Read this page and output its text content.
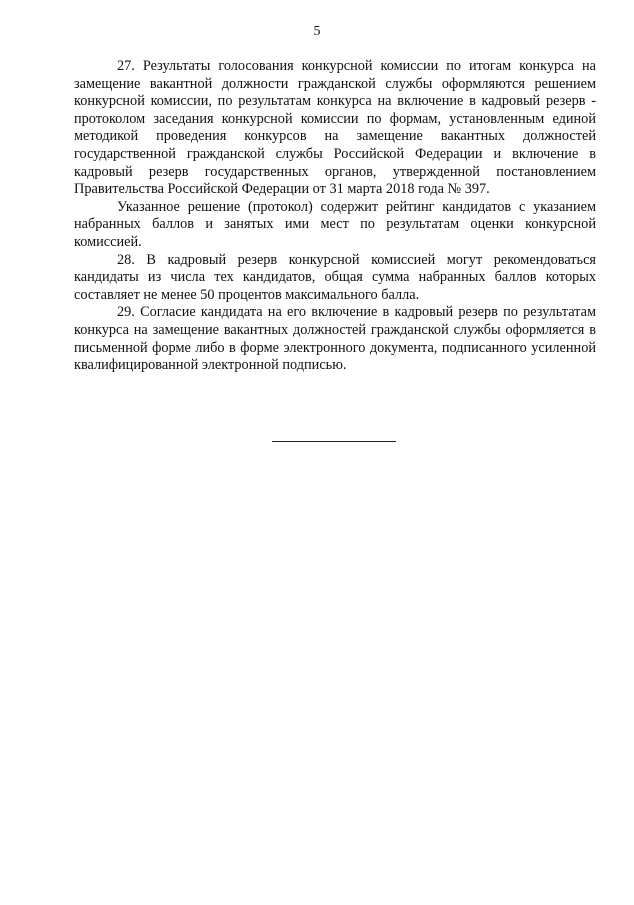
5

27. Результаты голосования конкурсной комиссии по итогам конкурса на замещение вакантной должности гражданской службы оформляются решением конкурсной комиссии, по результатам конкурса на включение в кадровый резерв - протоколом заседания конкурсной комиссии по формам, установленным единой методикой проведения конкурсов на замещение вакантных должностей государственной гражданской службы Российской Федерации и включение в кадровый резерв государственных органов, утвержденной постановлением Правительства Российской Федерации от 31 марта 2018 года № 397.

Указанное решение (протокол) содержит рейтинг кандидатов с указанием набранных баллов и занятых ими мест по результатам оценки конкурсной комиссией.

28. В кадровый резерв конкурсной комиссией могут рекомендоваться кандидаты из числа тех кандидатов, общая сумма набранных баллов которых составляет не менее 50 процентов максимального балла.

29. Согласие кандидата на его включение в кадровый резерв по результатам конкурса на замещение вакантных должностей гражданской службы оформляется в письменной форме либо в форме электронного документа, подписанного усиленной квалифицированной электронной подписью.
